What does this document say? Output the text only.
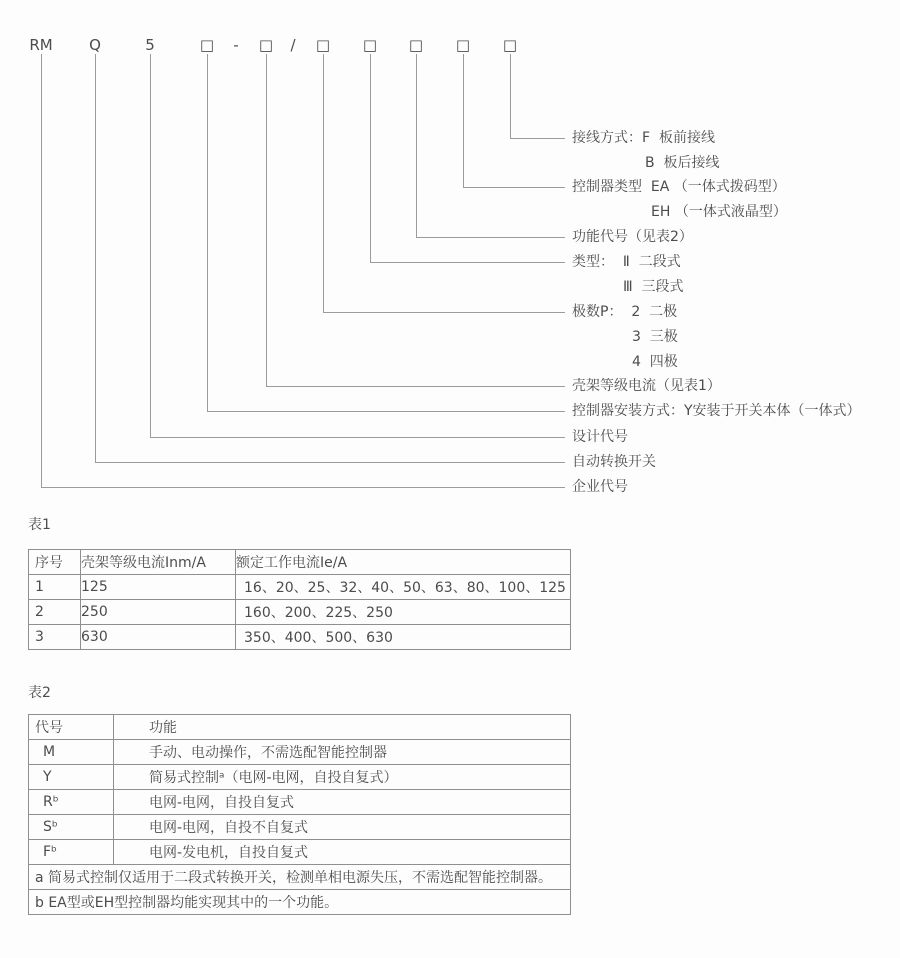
RM Q	5	□ - □ / □ □ □ □ □
接线方式：F  板前接线
B  板后接线
控制器类型  EA （一体式拨码型）
EH （一体式液晶型）
功能代号（见表2）
类型：  Ⅱ  二段式
Ⅲ  三段式
极数P：  2  二极
3  三极
4  四极
壳架等级电流（见表1）
控制器安装方式：Y安装于开关本体（一体式）
设计代号
自动转换开关
企业代号
表1
序号	壳架等级电流Inm/A	额定工作电流Ie/A
1	125	16、20、25、32、40、50、63、80、100、125
2	250	160、200、225、250
3	630	350、400、500、630
表2
代号	功能
M	手动、电动操作，不需选配智能控制器
Y	简易式控制ᵃ（电网-电网，自投自复式）
Rᵇ	电网-电网，自投自复式
Sᵇ	电网-电网，自投不自复式
Fᵇ	电网-发电机，自投自复式
a 简易式控制仅适用于二段式转换开关，检测单相电源失压，不需选配智能控制器。	
b EA型或EH型控制器均能实现其中的一个功能。	
